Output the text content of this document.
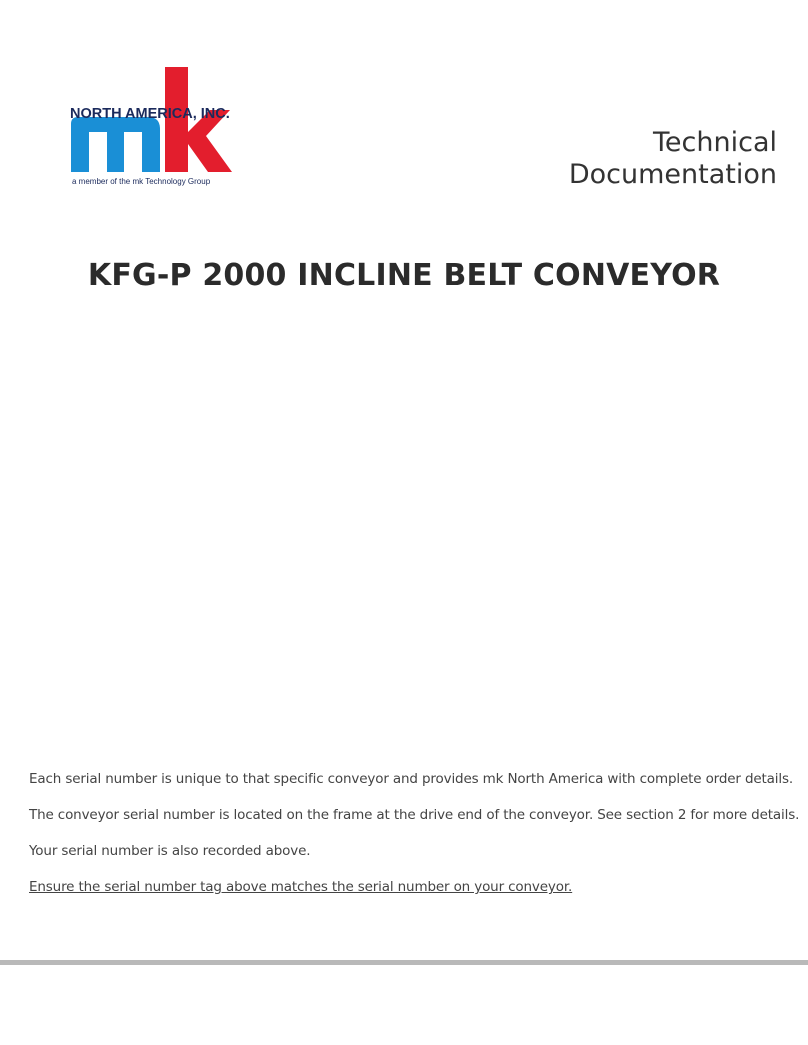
NORTH AMERICA, INC.
a member of the mk Technology Group
Technical
Documentation
KFG-P 2000 INCLINE BELT CONVEYOR

Each serial number is unique to that specific conveyor and provides mk North America with complete order details.

The conveyor serial number is located on the frame at the drive end of the conveyor. See section 2 for more details.

Your serial number is also recorded above.

Ensure the serial number tag above matches the serial number on your conveyor.
